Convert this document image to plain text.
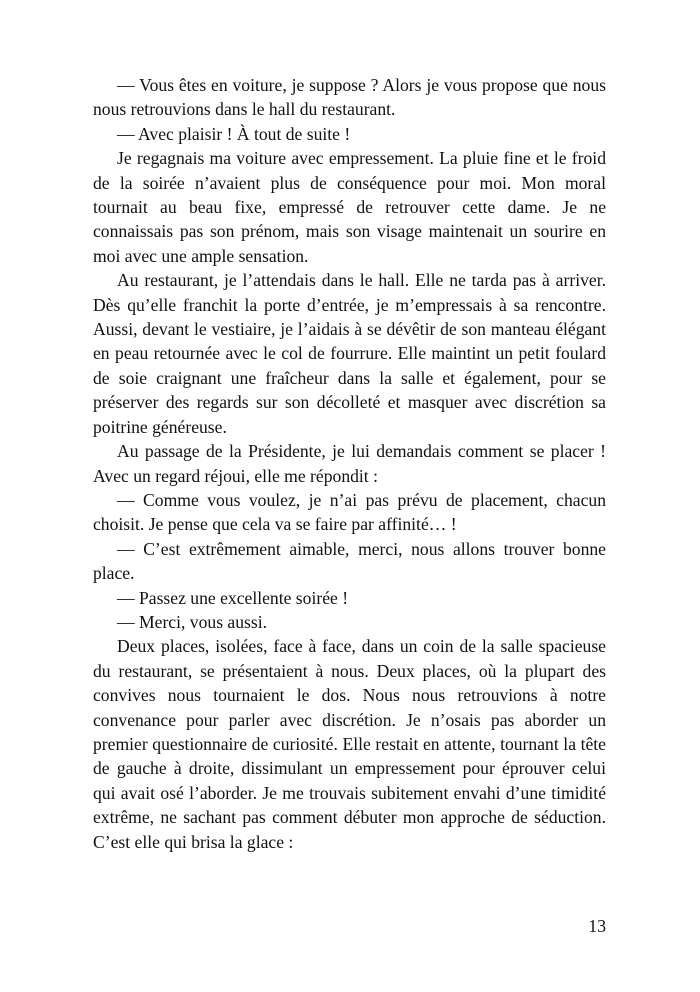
— Vous êtes en voiture, je suppose ? Alors je vous propose que nous nous retrouvions dans le hall du restaurant.

— Avec plaisir ! À tout de suite !

Je regagnais ma voiture avec empressement. La pluie fine et le froid de la soirée n’avaient plus de conséquence pour moi. Mon moral tournait au beau fixe, empressé de retrouver cette dame. Je ne connaissais pas son prénom, mais son visage maintenait un sourire en moi avec une ample sensation.

Au restaurant, je l’attendais dans le hall. Elle ne tarda pas à arriver. Dès qu’elle franchit la porte d’entrée, je m’empressais à sa rencontre. Aussi, devant le vestiaire, je l’aidais à se dévêtir de son manteau élégant en peau retournée avec le col de fourrure. Elle maintint un petit foulard de soie craignant une fraîcheur dans la salle et également, pour se préserver des regards sur son décolleté et masquer avec discrétion sa poitrine généreuse.

Au passage de la Présidente, je lui demandais comment se placer ! Avec un regard réjoui, elle me répondit :

— Comme vous voulez, je n’ai pas prévu de placement, chacun choisit. Je pense que cela va se faire par affinité… !

— C’est extrêmement aimable, merci, nous allons trouver bonne place.

— Passez une excellente soirée !

— Merci, vous aussi.

Deux places, isolées, face à face, dans un coin de la salle spacieuse du restaurant, se présentaient à nous. Deux places, où la plupart des convives nous tournaient le dos. Nous nous retrouvions à notre convenance pour parler avec discrétion. Je n’osais pas aborder un premier questionnaire de curiosité. Elle restait en attente, tournant la tête de gauche à droite, dissimulant un empressement pour éprouver celui qui avait osé l’aborder. Je me trouvais subitement envahi d’une timidité extrême, ne sachant pas comment débuter mon approche de séduction. C’est elle qui brisa la glace :

13
